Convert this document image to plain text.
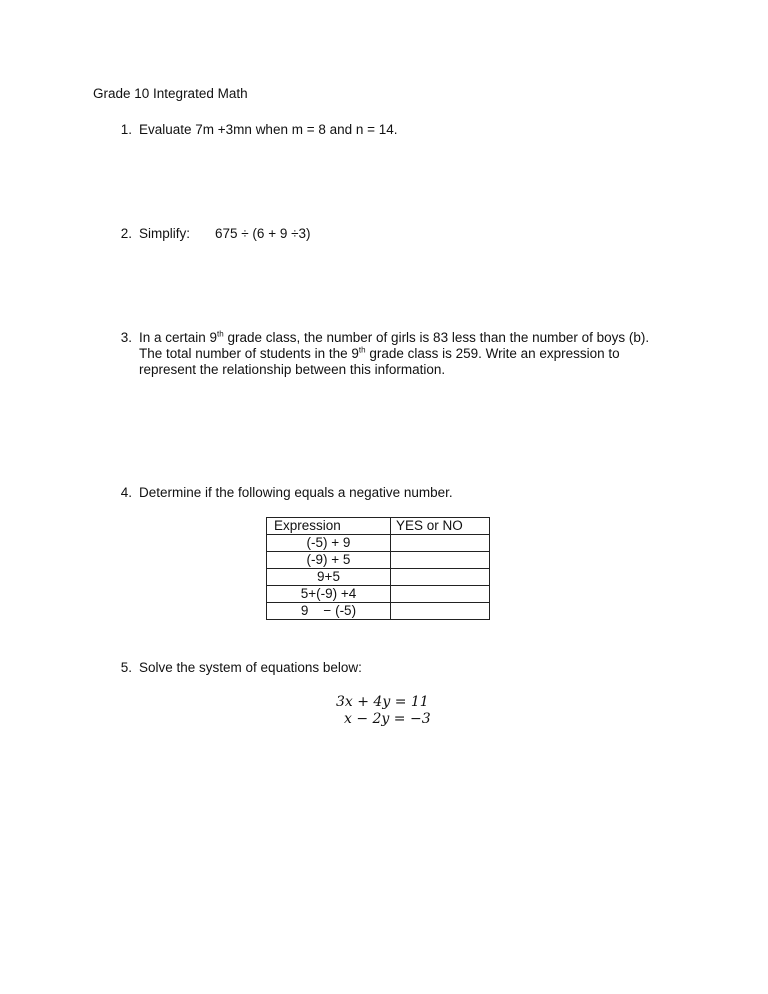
Grade 10 Integrated Math
1. Evaluate 7m +3mn when m = 8 and n = 14.
2. Simplify: 675 ÷ (6 + 9 ÷3)
3. In a certain 9th grade class, the number of girls is 83 less than the number of boys (b).
The total number of students in the 9th grade class is 259. Write an expression to
represent the relationship between this information.
4. Determine if the following equals a negative number.
Expression	YES or NO
(-5) + 9	
(-9) + 5	
9+5	
5+(-9) +4	
9    − (-5)	
5. Solve the system of equations below:
3x + 4y = 11
x − 2y = −3
